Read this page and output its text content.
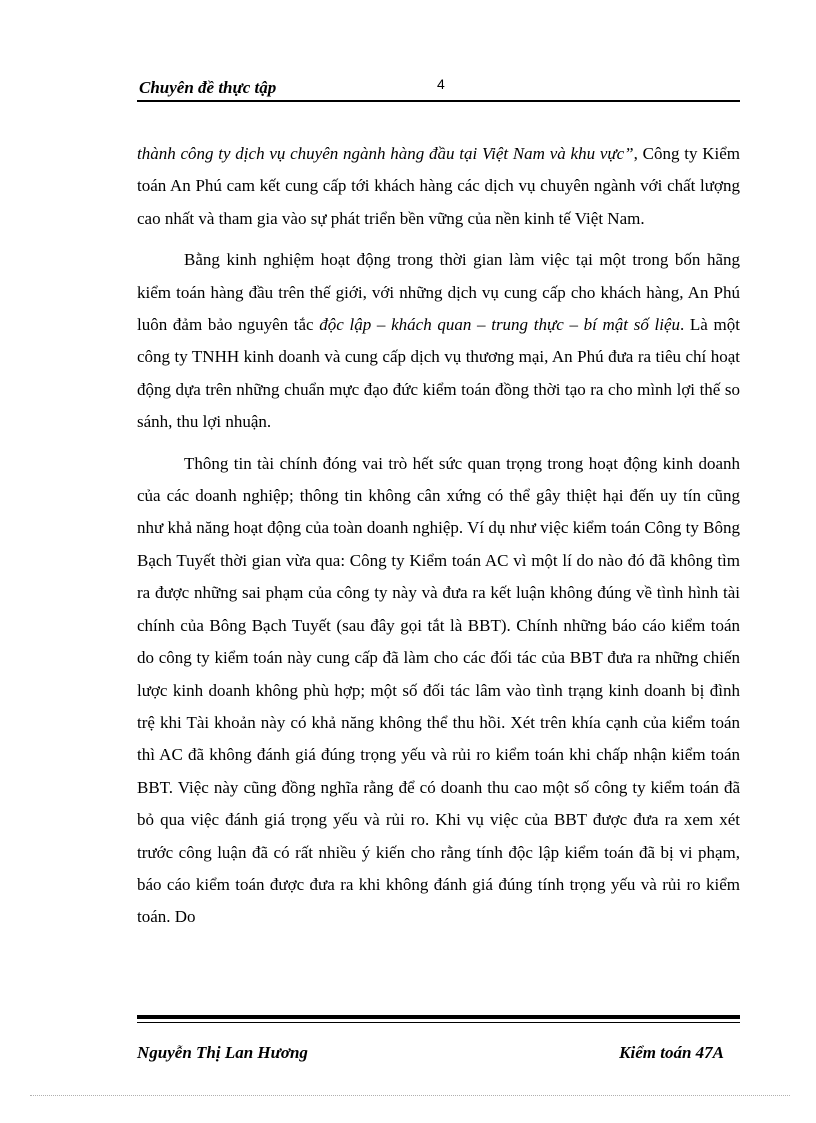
Chuyên đề thực tập	4

thành công ty dịch vụ chuyên ngành hàng đầu tại Việt Nam và khu vực”, Công ty Kiểm toán An Phú cam kết cung cấp tới khách hàng các dịch vụ chuyên ngành với chất lượng cao nhất và tham gia vào sự phát triển bền vững của nền kinh tế Việt Nam.

Bằng kinh nghiệm hoạt động trong thời gian làm việc tại một trong bốn hãng kiểm toán hàng đầu trên thế giới, với những dịch vụ cung cấp cho khách hàng, An Phú luôn đảm bảo nguyên tắc độc lập – khách quan – trung thực – bí mật số liệu. Là một công ty TNHH kinh doanh và cung cấp dịch vụ thương mại, An Phú đưa ra tiêu chí hoạt động dựa trên những chuẩn mực đạo đức kiểm toán đồng thời tạo ra cho mình lợi thế so sánh, thu lợi nhuận.

Thông tin tài chính đóng vai trò hết sức quan trọng trong hoạt động kinh doanh của các doanh nghiệp; thông tin không cân xứng có thể gây thiệt hại đến uy tín cũng như khả năng hoạt động của toàn doanh nghiệp. Ví dụ như việc kiểm toán Công ty Bông Bạch Tuyết thời gian vừa qua: Công ty Kiểm toán AC vì một lí do nào đó đã không tìm ra được những sai phạm của công ty này và đưa ra kết luận không đúng về tình hình tài chính của Bông Bạch Tuyết (sau đây gọi tắt là BBT). Chính những báo cáo kiểm toán do công ty kiểm toán này cung cấp đã làm cho các đối tác của BBT đưa ra những chiến lược kinh doanh không phù hợp; một số đối tác lâm vào tình trạng kinh doanh bị đình trệ khi Tài khoản này có khả năng không thể thu hồi. Xét trên khía cạnh của kiểm toán thì AC đã không đánh giá đúng trọng yếu và rủi ro kiểm toán khi chấp nhận kiểm toán BBT. Việc này cũng đồng nghĩa rằng để có doanh thu cao một số công ty kiểm toán đã bỏ qua việc đánh giá trọng yếu và rủi ro. Khi vụ việc của BBT được đưa ra xem xét trước công luận đã có rất nhiều ý kiến cho rằng tính độc lập kiểm toán đã bị vi phạm, báo cáo kiểm toán được đưa ra khi không đánh giá đúng tính trọng yếu và rủi ro kiểm toán. Do

Nguyễn Thị Lan Hương	Kiểm toán 47A
